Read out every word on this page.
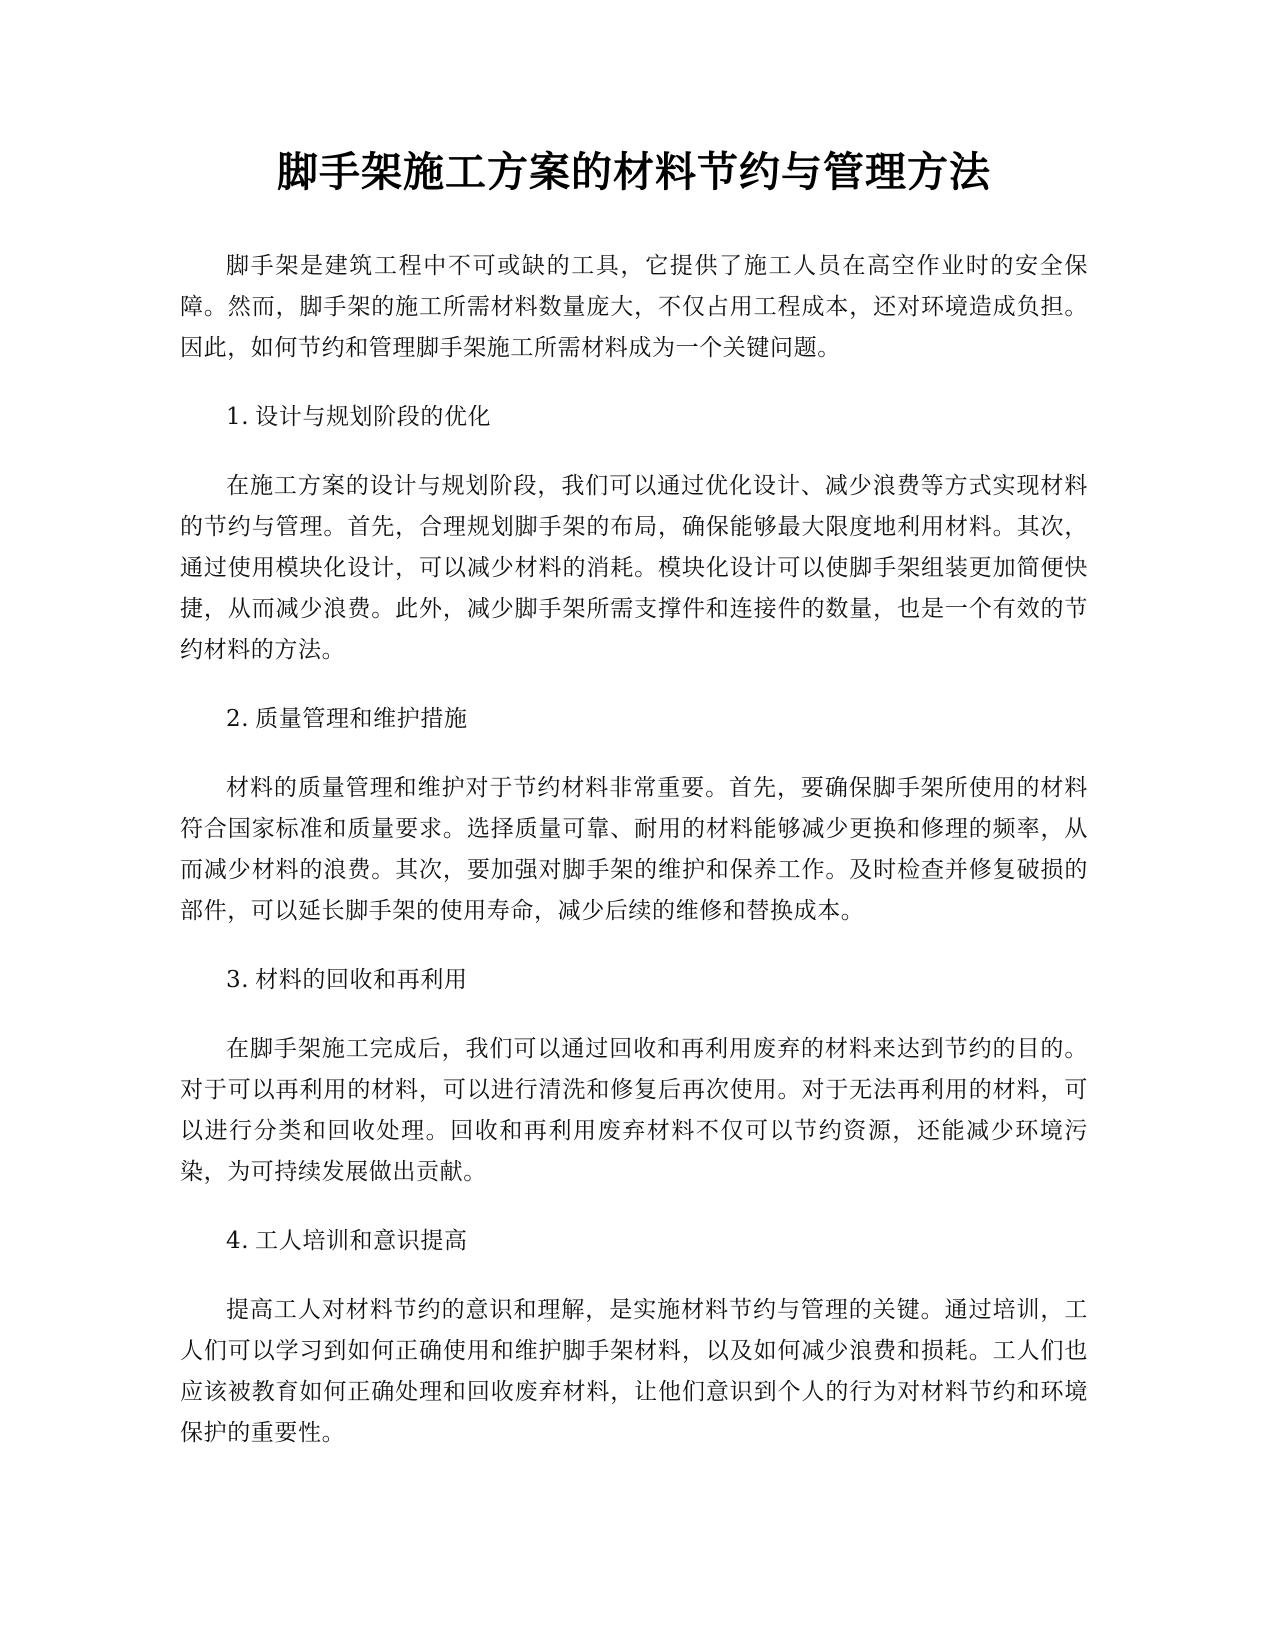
脚手架施工方案的材料节约与管理方法

脚手架是建筑工程中不可或缺的工具，它提供了施工人员在高空作业时的安全保障。然而，脚手架的施工所需材料数量庞大，不仅占用工程成本，还对环境造成负担。因此，如何节约和管理脚手架施工所需材料成为一个关键问题。

1. 设计与规划阶段的优化

在施工方案的设计与规划阶段，我们可以通过优化设计、减少浪费等方式实现材料的节约与管理。首先，合理规划脚手架的布局，确保能够最大限度地利用材料。其次，通过使用模块化设计，可以减少材料的消耗。模块化设计可以使脚手架组装更加简便快捷，从而减少浪费。此外，减少脚手架所需支撑件和连接件的数量，也是一个有效的节约材料的方法。

2. 质量管理和维护措施

材料的质量管理和维护对于节约材料非常重要。首先，要确保脚手架所使用的材料符合国家标准和质量要求。选择质量可靠、耐用的材料能够减少更换和修理的频率，从而减少材料的浪费。其次，要加强对脚手架的维护和保养工作。及时检查并修复破损的部件，可以延长脚手架的使用寿命，减少后续的维修和替换成本。

3. 材料的回收和再利用

在脚手架施工完成后，我们可以通过回收和再利用废弃的材料来达到节约的目的。对于可以再利用的材料，可以进行清洗和修复后再次使用。对于无法再利用的材料，可以进行分类和回收处理。回收和再利用废弃材料不仅可以节约资源，还能减少环境污染，为可持续发展做出贡献。

4. 工人培训和意识提高

提高工人对材料节约的意识和理解，是实施材料节约与管理的关键。通过培训，工人们可以学习到如何正确使用和维护脚手架材料，以及如何减少浪费和损耗。工人们也应该被教育如何正确处理和回收废弃材料，让他们意识到个人的行为对材料节约和环境保护的重要性。
